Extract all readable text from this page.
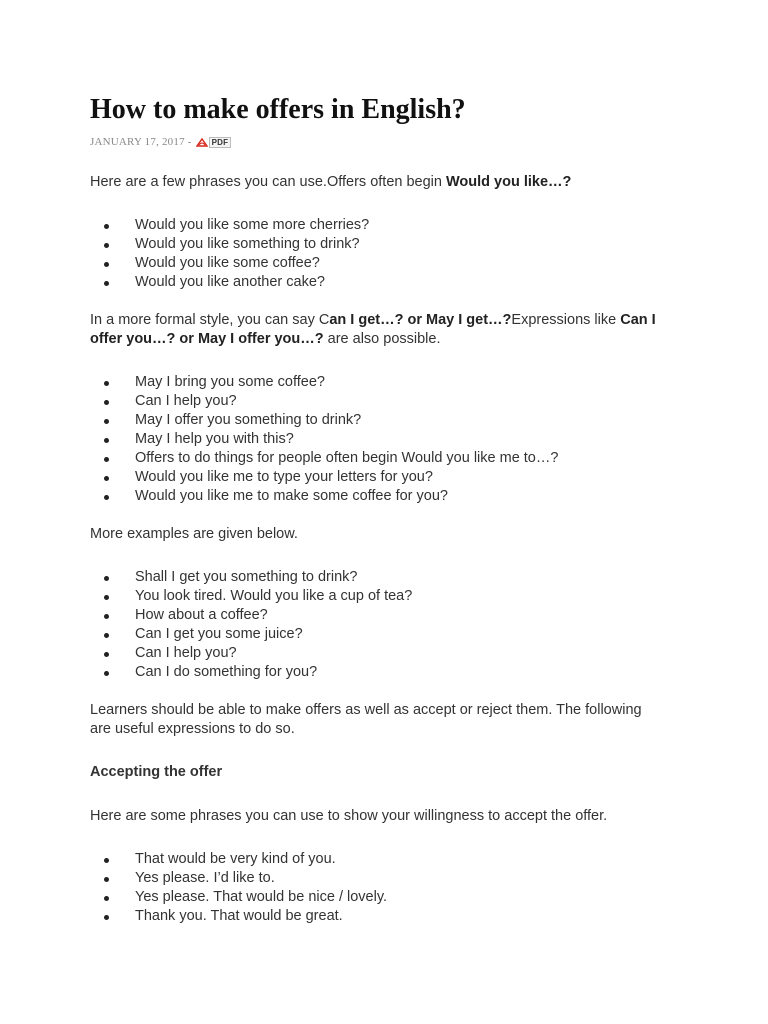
How to make offers in English?
JANUARY 17, 2017 -	PDF

Here are a few phrases you can use.Offers often begin Would you like…?

Would you like some more cherries?
Would you like something to drink?
Would you like some coffee?
Would you like another cake?

In a more formal style, you can say Can I get…? or May I get…?Expressions like Can I offer you…? or May I offer you…? are also possible.

May I bring you some coffee?
Can I help you?
May I offer you something to drink?
May I help you with this?
Offers to do things for people often begin Would you like me to…?
Would you like me to type your letters for you?
Would you like me to make some coffee for you?

More examples are given below.

Shall I get you something to drink?
You look tired. Would you like a cup of tea?
How about a coffee?
Can I get you some juice?
Can I help you?
Can I do something for you?

Learners should be able to make offers as well as accept or reject them. The following are useful expressions to do so.

Accepting the offer

Here are some phrases you can use to show your willingness to accept the offer.

That would be very kind of you.
Yes please. I’d like to.
Yes please. That would be nice / lovely.
Thank you. That would be great.
